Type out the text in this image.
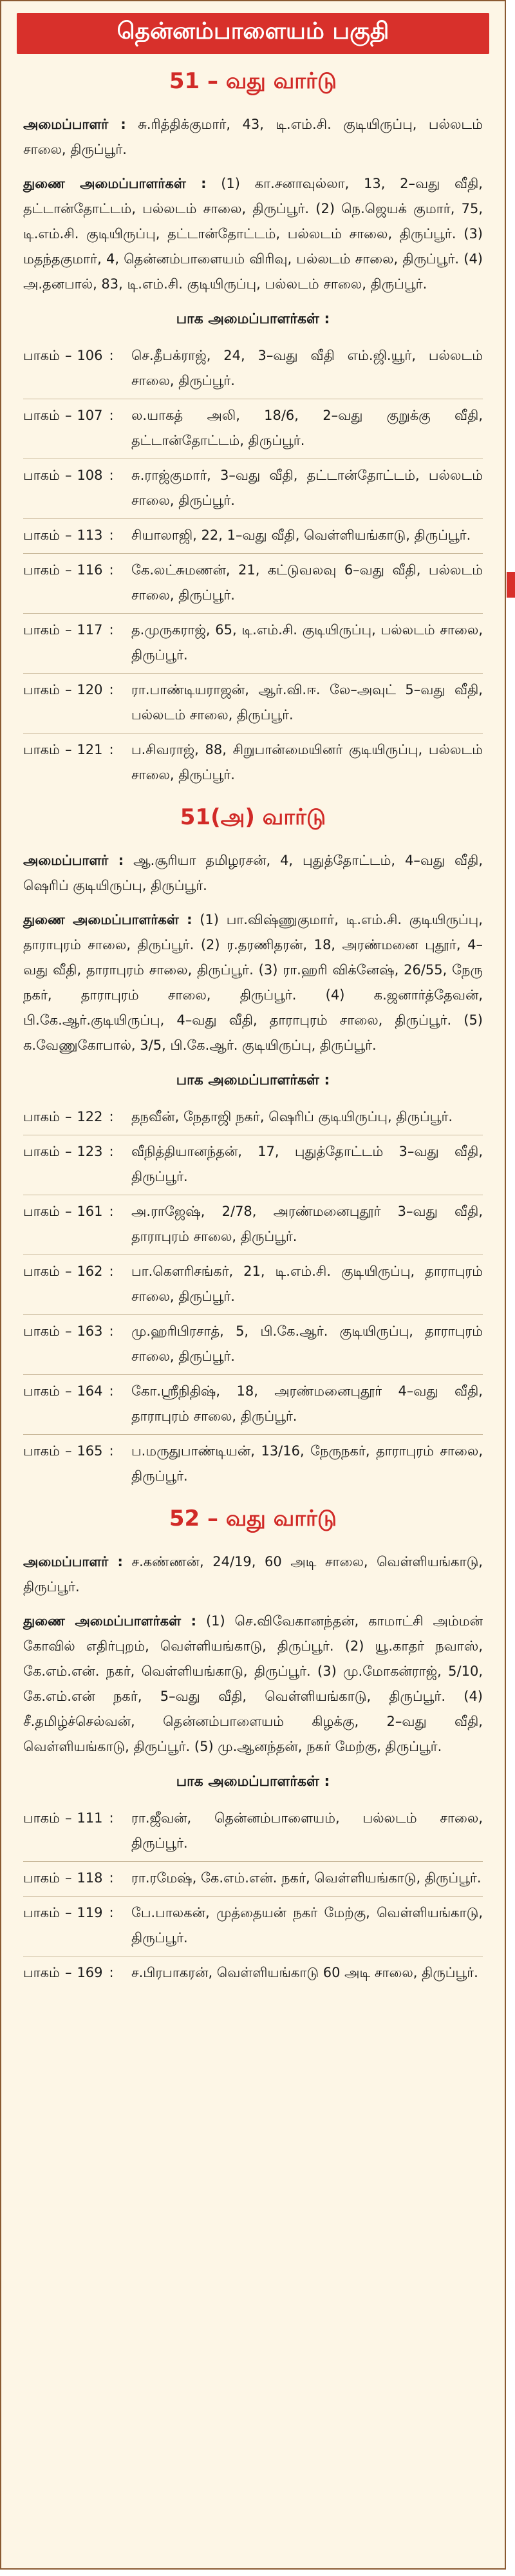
தென்னம்பாளையம் பகுதி
51 – வது வார்டு

அமைப்பாளர் : சு.ரித்திக்குமார், 43, டி.எம்.சி. குடியிருப்பு, பல்லடம் சாலை, திருப்பூர்.

துணை அமைப்பாளர்கள் : (1) கா.சனாவுல்லா, 13, 2–வது வீதி, தட்டான்தோட்டம், பல்லடம் சாலை, திருப்பூர். (2) நெ.ஜெயக் குமார், 75, டி.எம்.சி. குடியிருப்பு, தட்டான்தோட்டம், பல்லடம் சாலை, திருப்பூர். (3) மதந்தகுமார், 4, தென்னம்பாளையம் விரிவு, பல்லடம் சாலை, திருப்பூர். (4) அ.தனபால், 83, டி.எம்.சி. குடியிருப்பு, பல்லடம் சாலை, திருப்பூர்.

பாக அமைப்பாளர்கள் :
பாகம் – 106 : செ.தீபக்ராஜ், 24, 3–வது வீதி எம்.ஜி.யூர், பல்லடம் சாலை, திருப்பூர்.
பாகம் – 107 : ல.யாகத் அலி, 18/6, 2–வது குறுக்கு வீதி, தட்டான்தோட்டம், திருப்பூர்.
பாகம் – 108 : சு.ராஜ்குமார், 3–வது வீதி, தட்டான்தோட்டம், பல்லடம் சாலை, திருப்பூர்.
பாகம் – 113 : சியாலாஜி, 22, 1–வது வீதி, வெள்ளியங்காடு, திருப்பூர்.
பாகம் – 116 : கே.லட்சுமணன், 21, கட்டுவலவு 6–வது வீதி, பல்லடம் சாலை, திருப்பூர்.
பாகம் – 117 : த.முருகராஜ், 65, டி.எம்.சி. குடியிருப்பு, பல்லடம் சாலை, திருப்பூர்.
பாகம் – 120 : ரா.பாண்டியராஜன், ஆர்.வி.ஈ. லே–அவுட் 5–வது வீதி, பல்லடம் சாலை, திருப்பூர்.
பாகம் – 121 : ப.சிவராஜ், 88, சிறுபான்மையினர் குடியிருப்பு, பல்லடம் சாலை, திருப்பூர்.
51(அ) வார்டு

அமைப்பாளர் : ஆ.சூரியா தமிழரசன், 4, புதுத்தோட்டம், 4–வது வீதி, ஷெரிப் குடியிருப்பு, திருப்பூர்.

துணை அமைப்பாளர்கள் : (1) பா.விஷ்ணுகுமார், டி.எம்.சி. குடியிருப்பு, தாராபுரம் சாலை, திருப்பூர். (2) ர.தரணிதரன், 18, அரண்மனை புதூர், 4–வது வீதி, தாராபுரம் சாலை, திருப்பூர். (3) ரா.ஹரி விக்னேஷ், 26/55, நேரு நகர், தாராபுரம் சாலை, திருப்பூர். (4) க.ஜனார்த்தேவன், பி.கே.ஆர்.குடியிருப்பு, 4–வது வீதி, தாராபுரம் சாலை, திருப்பூர். (5) க.வேணுகோபால், 3/5, பி.கே.ஆர். குடியிருப்பு, திருப்பூர்.

பாக அமைப்பாளர்கள் :
பாகம் – 122 : தநவீன், நேதாஜி நகர், ஷெரிப் குடியிருப்பு, திருப்பூர்.
பாகம் – 123 : வீநித்தியானந்தன், 17, புதுத்தோட்டம் 3–வது வீதி, திருப்பூர்.
பாகம் – 161 : அ.ராஜேஷ், 2/78, அரண்மனைபுதூர் 3–வது வீதி, தாராபுரம் சாலை, திருப்பூர்.
பாகம் – 162 : பா.கௌரிசங்கர், 21, டி.எம்.சி. குடியிருப்பு, தாராபுரம் சாலை, திருப்பூர்.
பாகம் – 163 : மு.ஹரிபிரசாத், 5, பி.கே.ஆர். குடியிருப்பு, தாராபுரம் சாலை, திருப்பூர்.
பாகம் – 164 : கோ.ஸ்ரீநிதிஷ், 18, அரண்மனைபுதூர் 4–வது வீதி, தாராபுரம் சாலை, திருப்பூர்.
பாகம் – 165 : ப.மருதுபாண்டியன், 13/16, நேருநகர், தாராபுரம் சாலை, திருப்பூர்.
52 – வது வார்டு

அமைப்பாளர் : ச.கண்ணன், 24/19, 60 அடி சாலை, வெள்ளியங்காடு, திருப்பூர்.

துணை அமைப்பாளர்கள் : (1) செ.விவேகானந்தன், காமாட்சி அம்மன் கோவில் எதிர்புறம், வெள்ளியங்காடு, திருப்பூர். (2) யூ.காதர் நவாஸ், கே.எம்.என். நகர், வெள்ளியங்காடு, திருப்பூர். (3) மு.மோகன்ராஜ், 5/10, கே.எம்.என் நகர், 5–வது வீதி, வெள்ளியங்காடு, திருப்பூர். (4) சீ.தமிழ்ச்செல்வன், தென்னம்பாளையம் கிழக்கு, 2–வது வீதி, வெள்ளியங்காடு, திருப்பூர். (5) மு.ஆனந்தன், நகர் மேற்கு, திருப்பூர்.

பாக அமைப்பாளர்கள் :
பாகம் – 111 : ரா.ஜீவன், தென்னம்பாளையம், பல்லடம் சாலை, திருப்பூர்.
பாகம் – 118 : ரா.ரமேஷ், கே.எம்.என். நகர், வெள்ளியங்காடு, திருப்பூர்.
பாகம் – 119 : பே.பாலகன், முத்தையன் நகர் மேற்கு, வெள்ளியங்காடு, திருப்பூர்.
பாகம் – 169 : ச.பிரபாகரன், வெள்ளியங்காடு 60 அடி சாலை, திருப்பூர்.
